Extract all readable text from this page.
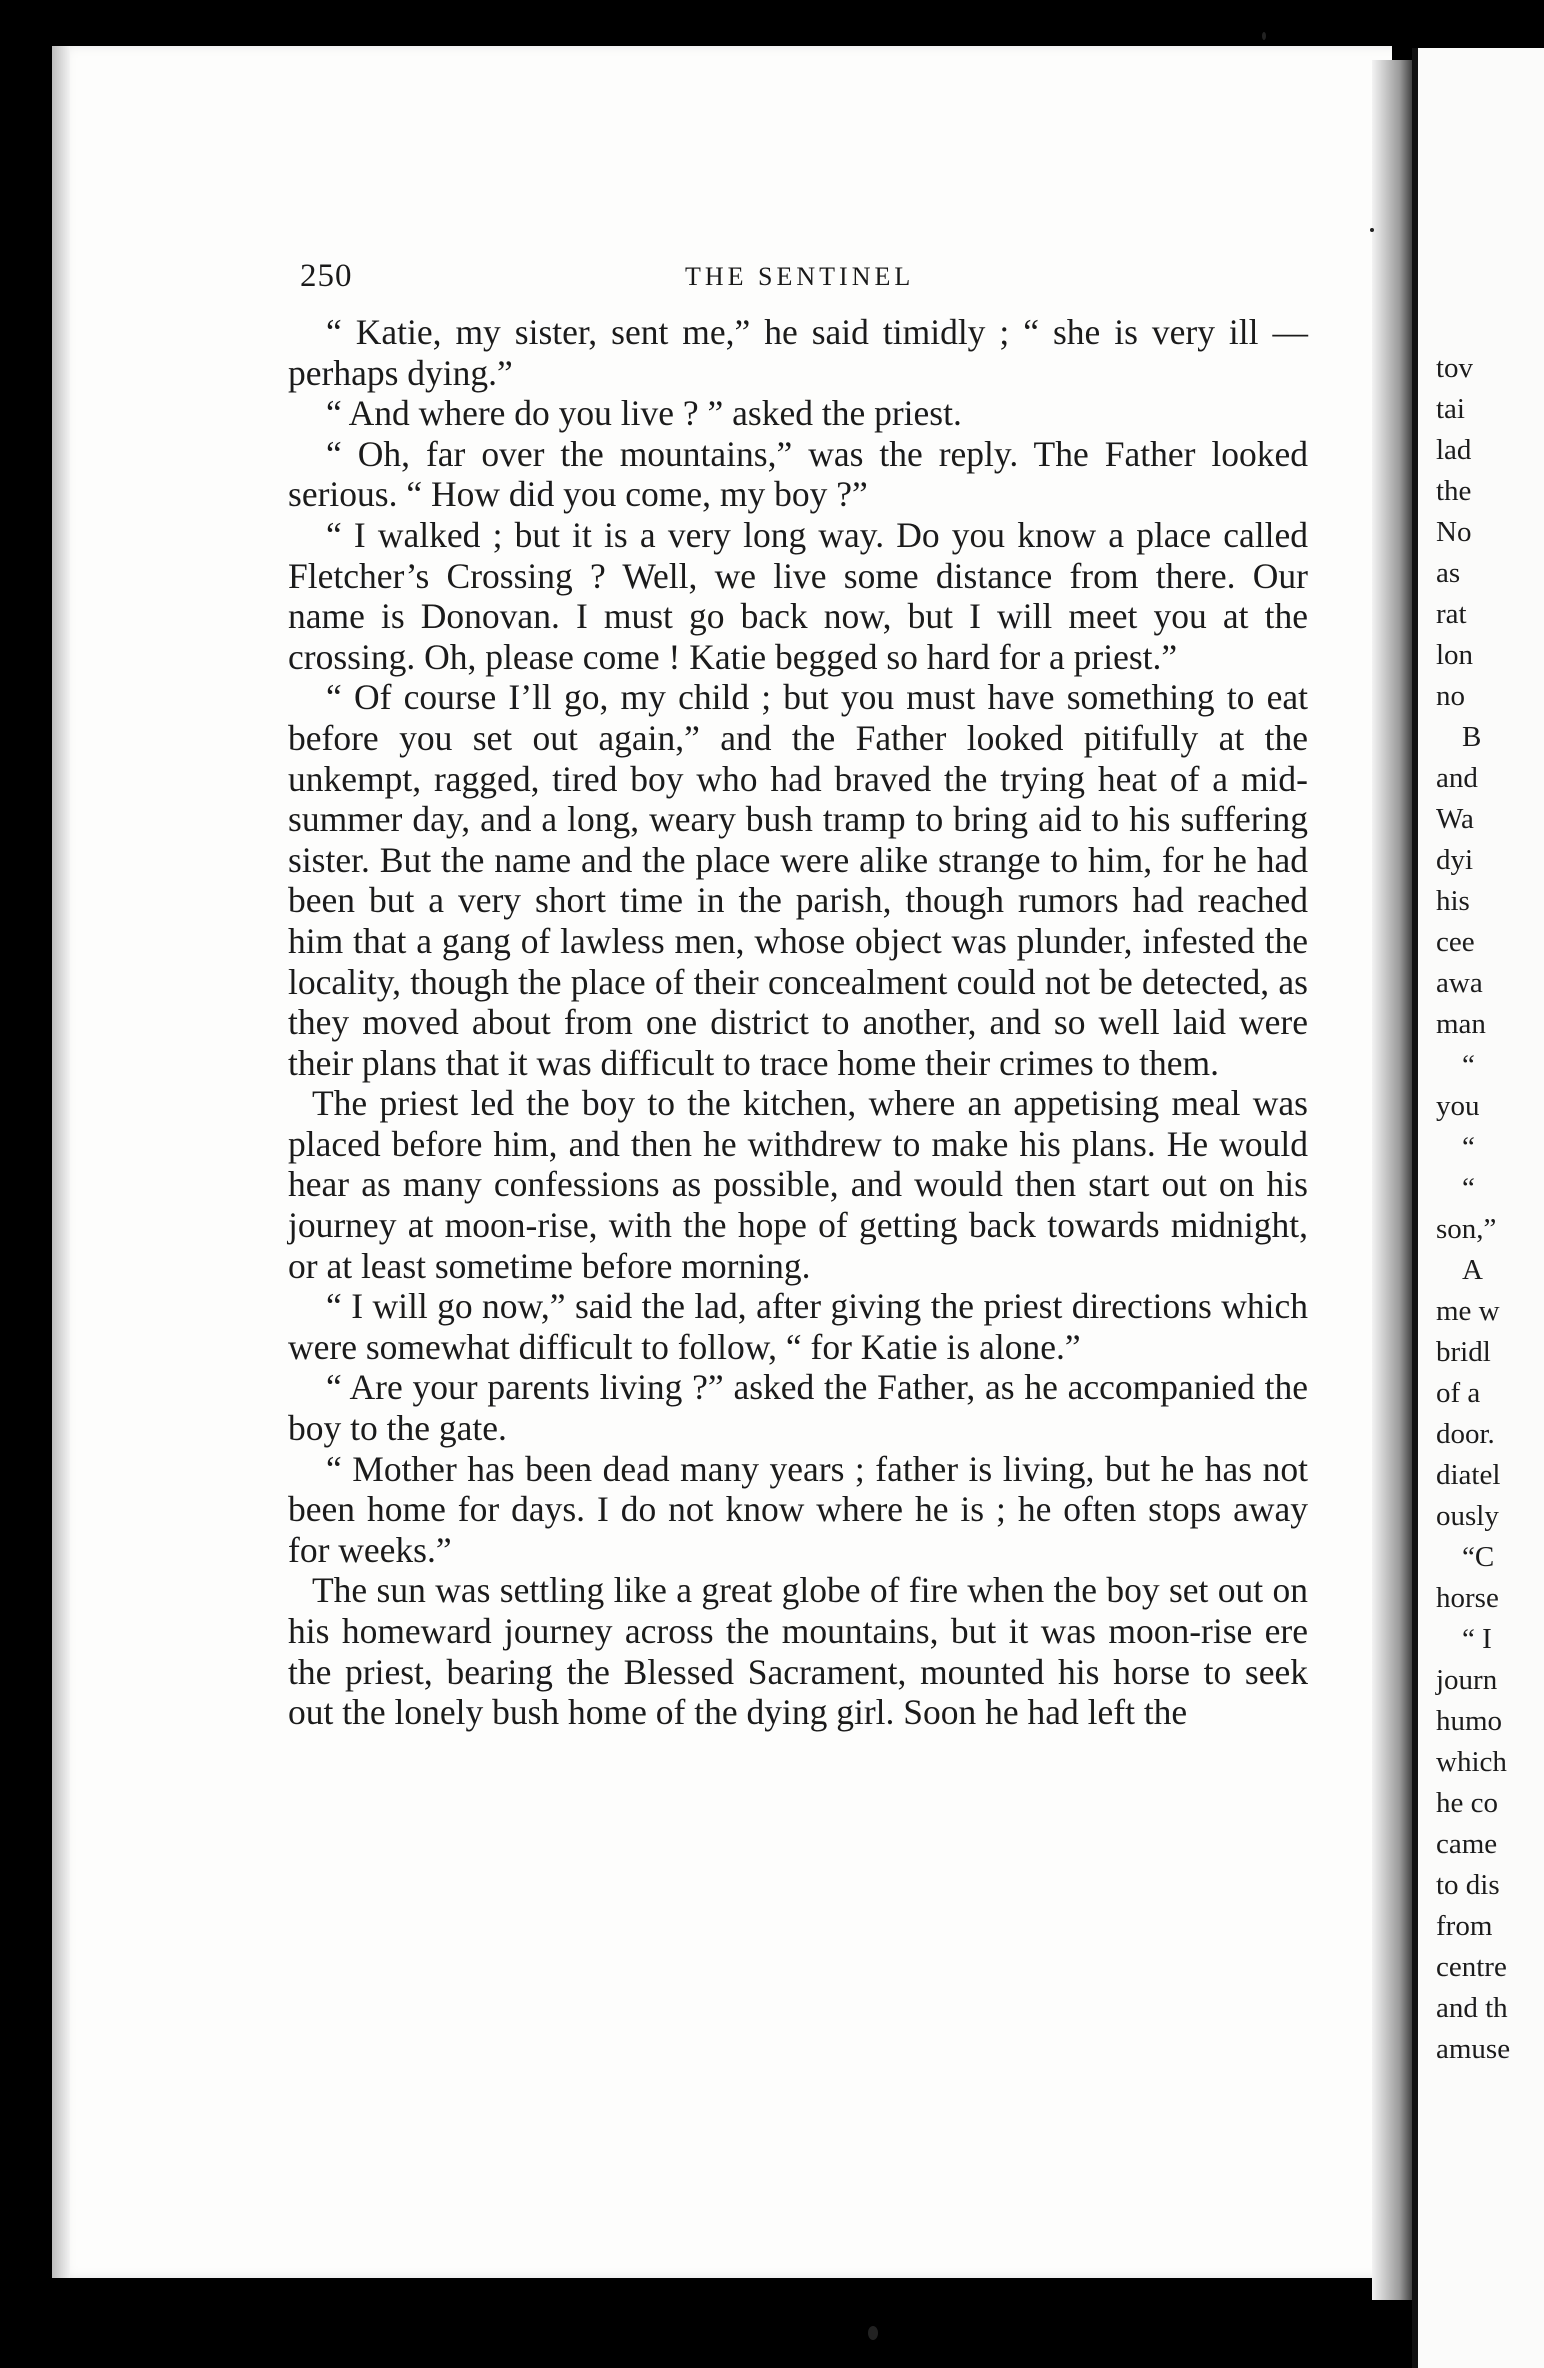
tov
tai
lad
the
No
as
rat
lon
no
B
and
Wa
dyi
his
cee
awa
man
“
you
“
“
son,”
A
me w
bridl
of a
door.
diatel
ously
“C
horse
“ I
journ
humo
which
he co
came
to dis
from
centre
and th
amuse
250	THE SENTINEL

“ Katie, my sister, sent me,” he said timidly ; “ she is very ill — perhaps dying.”

“ And where do you live ? ” asked the priest.

“ Oh, far over the mountains,” was the reply. The Father looked serious. “ How did you come, my boy ?”

“ I walked ; but it is a very long way. Do you know a place called Fletcher’s Crossing ? Well, we live some distance from there. Our name is Donovan. I must go back now, but I will meet you at the crossing. Oh, please come ! Katie begged so hard for a priest.”

“ Of course I’ll go, my child ; but you must have something to eat before you set out again,” and the Father looked pitifully at the unkempt, ragged, tired boy who had braved the trying heat of a mid-summer day, and a long, weary bush tramp to bring aid to his suffering sister. But the name and the place were alike strange to him, for he had been but a very short time in the parish, though rumors had reached him that a gang of lawless men, whose object was plunder, infested the locality, though the place of their concealment could not be detected, as they moved about from one district to another, and so well laid were their plans that it was difficult to trace home their crimes to them.

The priest led the boy to the kitchen, where an appetising meal was placed before him, and then he withdrew to make his plans. He would hear as many confessions as possible, and would then start out on his journey at moon-rise, with the hope of getting back towards midnight, or at least sometime before morning.

“ I will go now,” said the lad, after giving the priest directions which were somewhat difficult to follow, “ for Katie is alone.”

“ Are your parents living ?” asked the Father, as he accompanied the boy to the gate.

“ Mother has been dead many years ; father is living, but he has not been home for days. I do not know where he is ; he often stops away for weeks.”

The sun was settling like a great globe of fire when the boy set out on his homeward journey across the mountains, but it was moon-rise ere the priest, bearing the Blessed Sacrament, mounted his horse to seek out the lonely bush home of the dying girl. Soon he had left the
